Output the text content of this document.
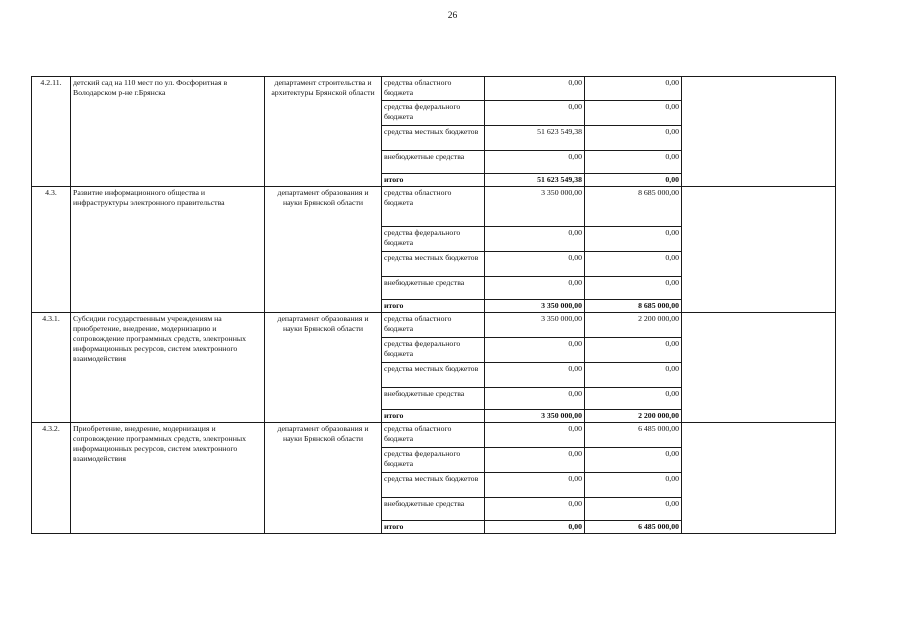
26
4.2.11.	детский сад на 110 мест по ул. Фосфоритная в Володарском р-не г.Брянска	департамент строительства и архитектуры Брянской области	средства областного бюджета	0,00	0,00	
			средства федерального бюджета	0,00	0,00	
			средства местных бюджетов	51 623 549,38	0,00	
			внебюджетные средства	0,00	0,00	
			итого	51 623 549,38	0,00	
4.3.	Развитие информационного общества и инфраструктуры электронного правительства	департамент образования и науки Брянской области	средства областного бюджета	3 350 000,00	8 685 000,00	
			средства федерального бюджета	0,00	0,00	
			средства местных бюджетов	0,00	0,00	
			внебюджетные средства	0,00	0,00	
			итого	3 350 000,00	8 685 000,00	
4.3.1.	Субсидии государственным учреждениям на приобретение, внедрение, модернизацию и сопровождение программных средств, электронных информационных ресурсов, систем электронного взаимодействия	департамент образования и науки Брянской области	средства областного бюджета	3 350 000,00	2 200 000,00	
			средства федерального бюджета	0,00	0,00	
			средства местных бюджетов	0,00	0,00	
			внебюджетные средства	0,00	0,00	
			итого	3 350 000,00	2 200 000,00	
4.3.2.	Приобретение, внедрение, модернизация и сопровождение программных средств, электронных информационных ресурсов, систем электронного взаимодействия	департамент образования и науки Брянской области	средства областного бюджета	0,00	6 485 000,00	
			средства федерального бюджета	0,00	0,00	
			средства местных бюджетов	0,00	0,00	
			внебюджетные средства	0,00	0,00	
			итого	0,00	6 485 000,00	
